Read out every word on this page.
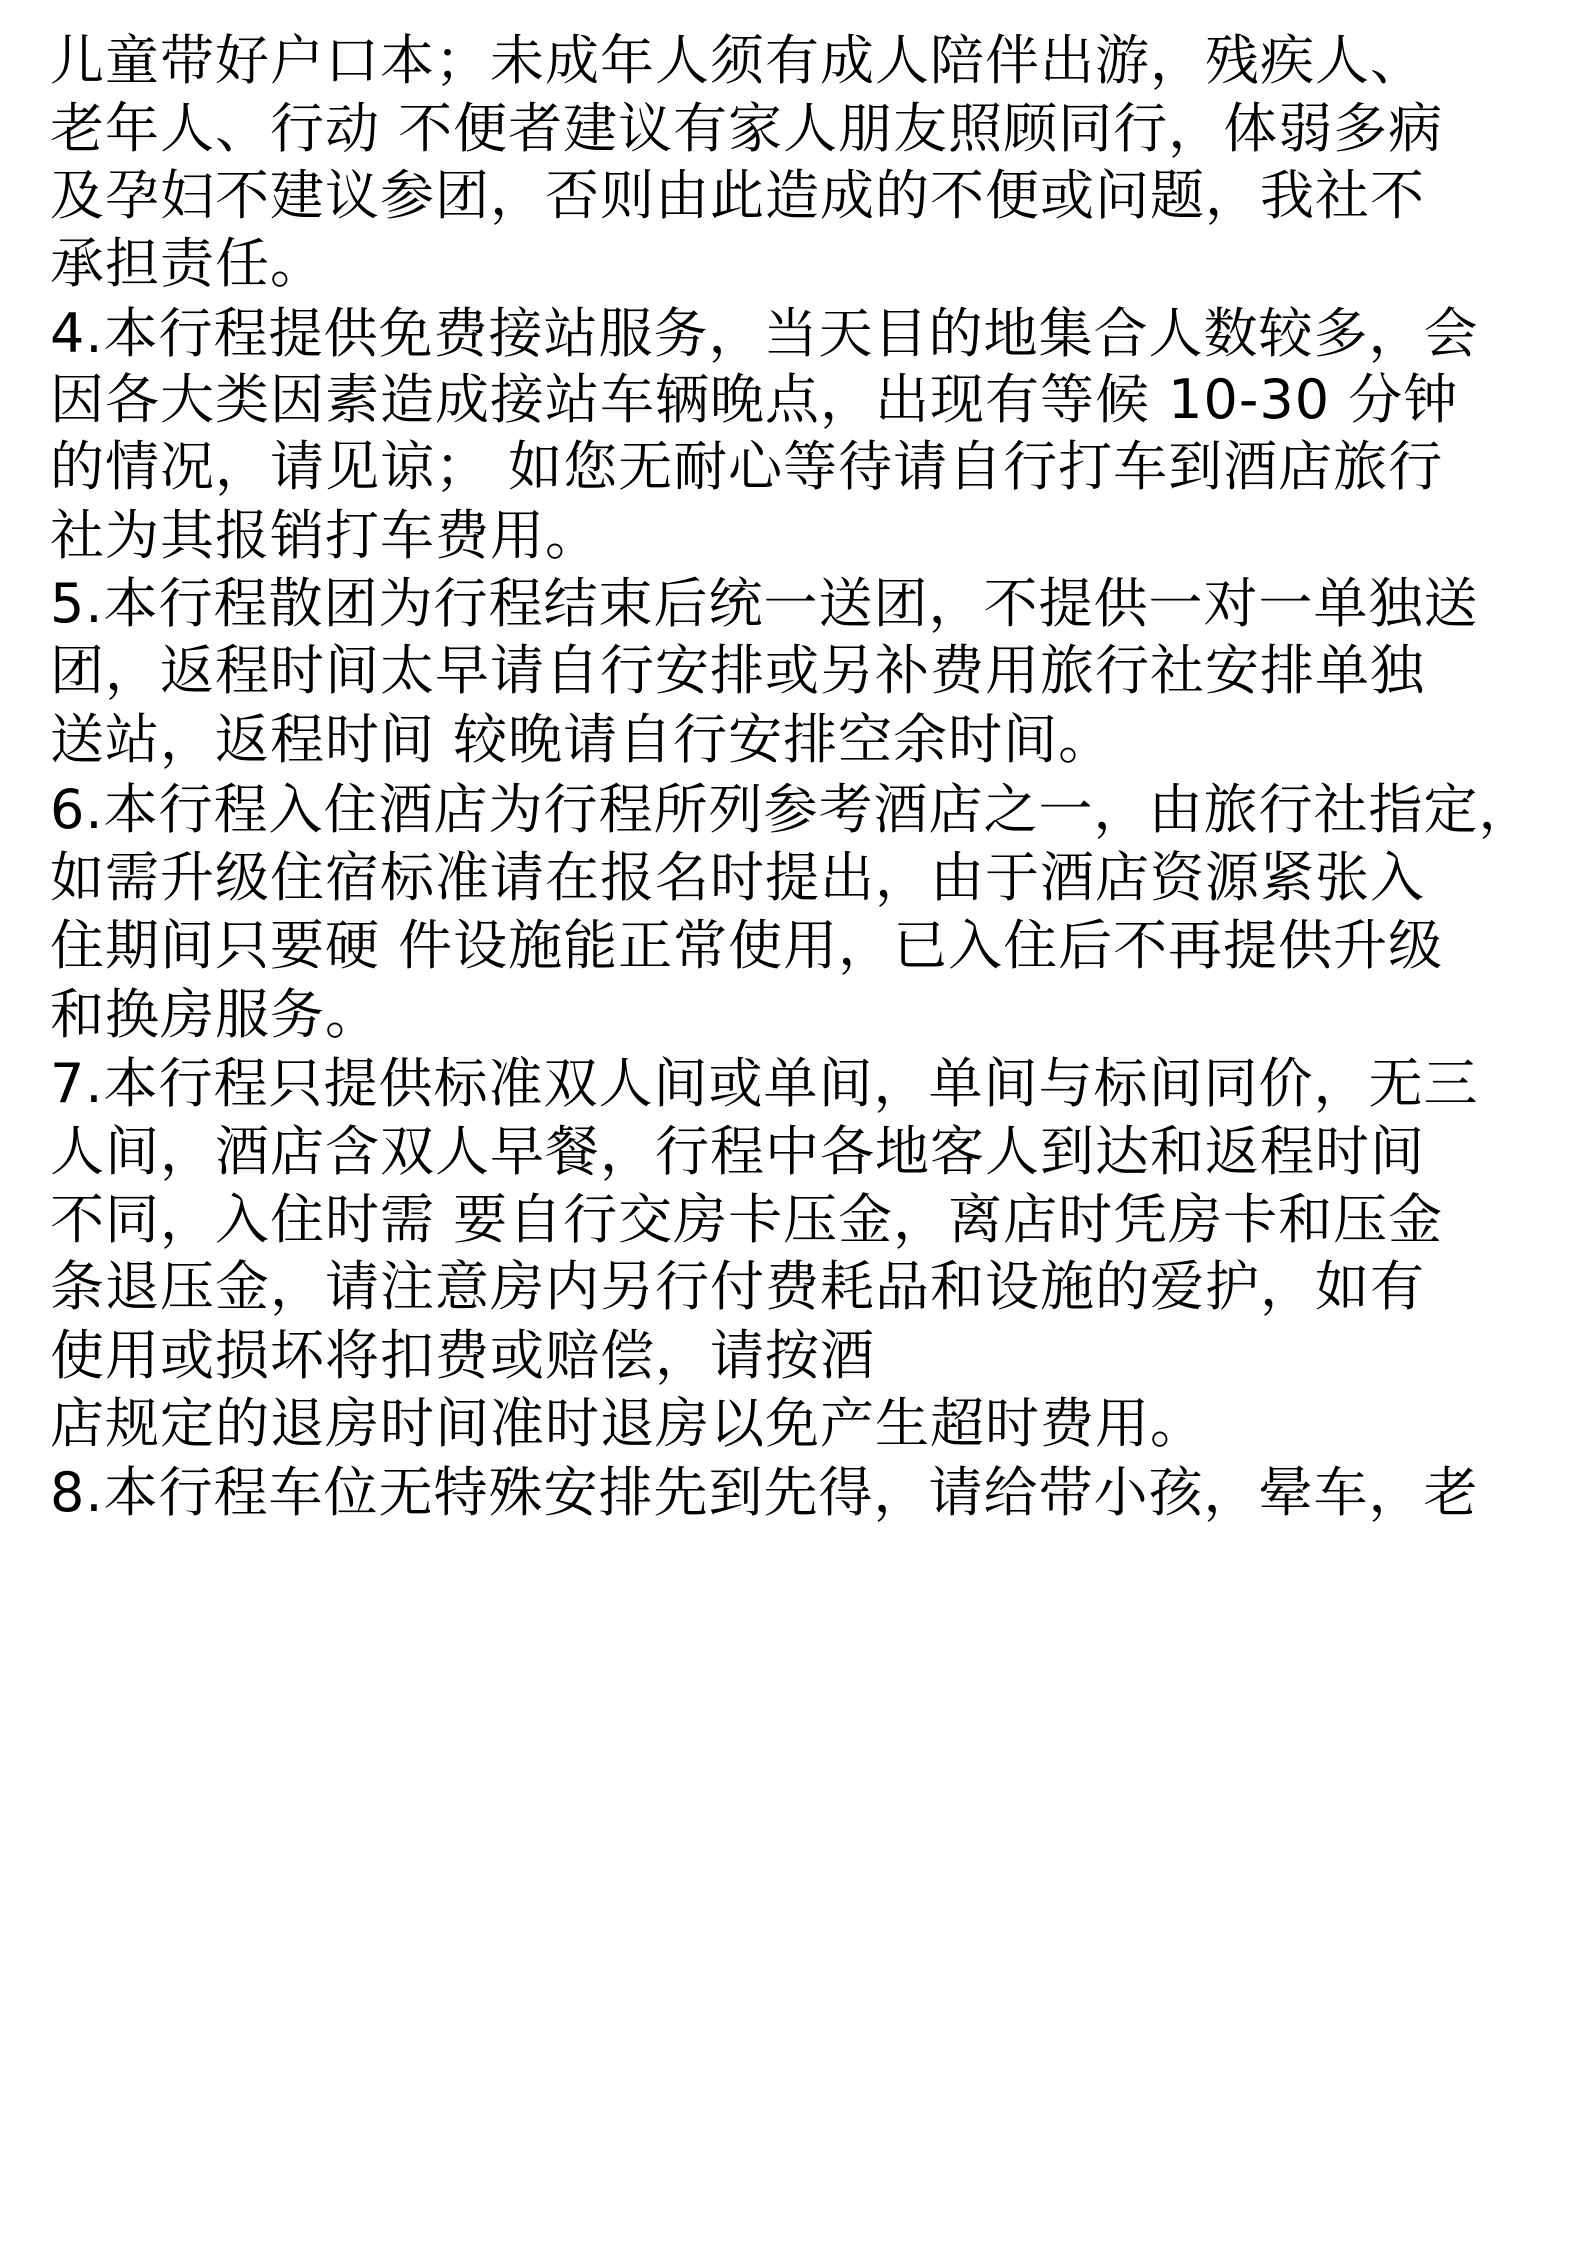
儿童带好户口本；未成年人须有成人陪伴出游，残疾人、
老年人、行动 不便者建议有家人朋友照顾同行，体弱多病
及孕妇不建议参团，否则由此造成的不便或问题，我社不
承担责任。
4.本行程提供免费接站服务，当天目的地集合人数较多，会
因各大类因素造成接站车辆晚点，出现有等候 10-30 分钟
的情况，请见谅； 如您无耐心等待请自行打车到酒店旅行
社为其报销打车费用。
5.本行程散团为行程结束后统一送团，不提供一对一单独送
团，返程时间太早请自行安排或另补费用旅行社安排单独
送站，返程时间 较晚请自行安排空余时间。
6.本行程入住酒店为行程所列参考酒店之一，由旅行社指定，
如需升级住宿标准请在报名时提出，由于酒店资源紧张入
住期间只要硬 件设施能正常使用，已入住后不再提供升级
和换房服务。
7.本行程只提供标准双人间或单间，单间与标间同价，无三
人间，酒店含双人早餐，行程中各地客人到达和返程时间
不同，入住时需 要自行交房卡压金，离店时凭房卡和压金
条退压金，请注意房内另行付费耗品和设施的爱护，如有
使用或损坏将扣费或赔偿，请按酒
店规定的退房时间准时退房以免产生超时费用。
8.本行程车位无特殊安排先到先得，请给带小孩，晕车，老
